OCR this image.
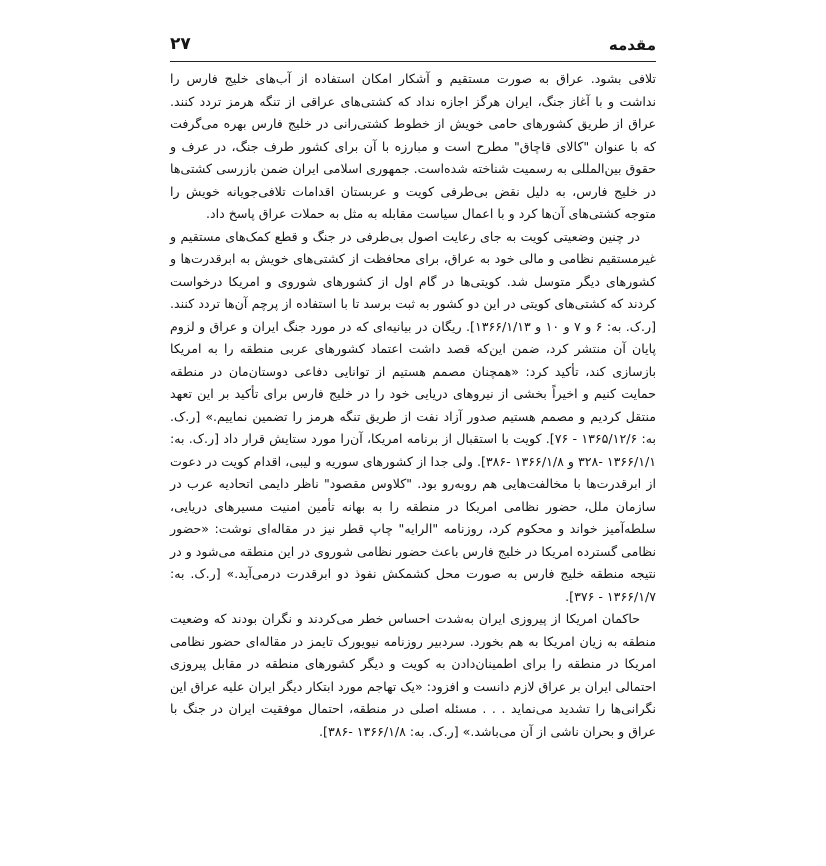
مقدمه
۲۷

تلافی بشود. عراق به صورت مستقیم و آشکار امکان استفاده از آب‌های خلیج فارس را نداشت و با آغاز جنگ، ایران هرگز اجازه نداد که کشتی‌های عراقی از تنگه هرمز تردد کنند. عراق از طریق کشورهای حامی خویش از خطوط کشتی‌رانی در خلیج فارس بهره می‌گرفت که با عنوان "کالای قاچاق" مطرح است و مبارزه با آن برای کشور طرف جنگ، در عرف و حقوق بین‌المللی به رسمیت شناخته شده‌است. جمهوری اسلامی ایران ضمن بازرسی کشتی‌ها در خلیج فارس، به دلیل نقض بی‌طرفی کویت و عربستان اقدامات تلافی‌جویانه خویش را متوجه کشتی‌های آن‌ها کرد و با اعمال سیاست مقابله به مثل به حملات عراق پاسخ داد.

در چنین وضعیتی کویت به جای رعایت اصول بی‌طرفی در جنگ و قطع کمک‌های مستقیم و غیرمستقیم نظامی و مالی خود به عراق، برای محافظت از کشتی‌های خویش به ابرقدرت‌ها و کشورهای دیگر متوسل شد. کویتی‌ها در گام اول از کشورهای شوروی و امریکا درخواست کردند که کشتی‌های کویتی در این دو کشور به ثبت برسد تا با استفاده از پرچم آن‌ها تردد کنند. [ر.ک. به: ۶ و ۷ و ۱۰ و ۱۳۶۶/۱/۱۳]. ریگان در بیانیه‌ای که در مورد جنگ ایران و عراق و لزوم پایان آن منتشر کرد، ضمن این‌که قصد داشت اعتماد کشورهای عربی منطقه را به امریکا بازسازی کند، تأکید کرد: «همچنان مصمم هستیم از توانایی دفاعی دوستان‌مان در منطقه حمایت کنیم و اخیراً بخشی از نیروهای دریایی خود را در خلیج فارس برای تأکید بر این تعهد منتقل کردیم و مصمم هستیم صدور آزاد نفت از طریق تنگه هرمز را تضمین نماییم.» [ر.ک. به: ۱۳۶۵/۱۲/۶ - ۷۶]. کویت با استقبال از برنامه امریکا، آن‌را مورد ستایش قرار داد [ر.ک. به: ۱۳۶۶/۱/۱ -۳۲۸ و ۱۳۶۶/۱/۸ -۳۸۶]. ولی جدا از کشورهای سوریه و لیبی، اقدام کویت در دعوت از ابرقدرت‌ها با مخالفت‌هایی هم روبه‌رو بود. "کلاوس مقصود" ناظر دایمی اتحادیه عرب در سازمان ملل، حضور نظامی امریکا در منطقه را به بهانه تأمین امنیت مسیرهای دریایی، سلطه‌آمیز خواند و محکوم کرد، روزنامه "الرایه" چاپ قطر نیز در مقاله‌ای نوشت: «حضور نظامی گسترده امریکا در خلیج فارس باعث حضور نظامی شوروی در این منطقه می‌شود و در نتیجه منطقه خلیج فارس به صورت محل کشمکش نفوذ دو ابرقدرت درمی‌آید.» [ر.ک. به: ۱۳۶۶/۱/۷ - ۳۷۶].

حاکمان امریکا از پیروزی ایران به‌شدت احساس خطر می‌کردند و نگران بودند که وضعیت منطقه به زیان امریکا به هم بخورد. سردبیر روزنامه نیویورک تایمز در مقاله‌ای حضور نظامی امریکا در منطقه را برای اطمینان‌دادن به کویت و دیگر کشورهای منطقه در مقابل پیروزی احتمالی ایران بر عراق لازم دانست و افزود: «یک تهاجم مورد ابتکار دیگر ایران علیه عراق این نگرانی‌ها را تشدید می‌نماید . . . مسئله اصلی در منطقه، احتمال موفقیت ایران در جنگ با عراق و بحران ناشی از آن می‌باشد.» [ر.ک. به: ۱۳۶۶/۱/۸ -۳۸۶].
